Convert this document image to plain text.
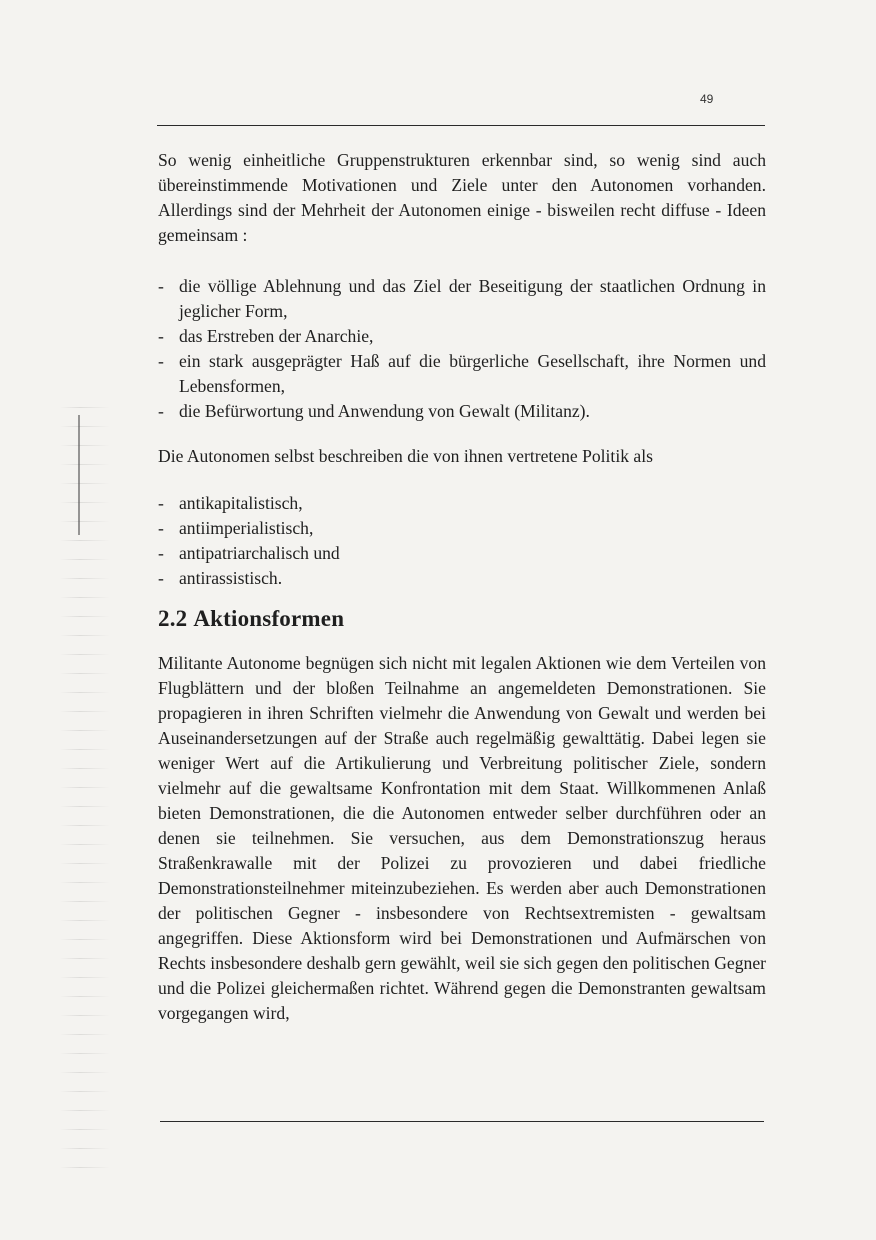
49

So wenig einheitliche Gruppenstrukturen erkennbar sind, so wenig sind auch übereinstimmende Motivationen und Ziele unter den Autonomen vorhanden. Allerdings sind der Mehrheit der Autonomen einige - bisweilen recht diffuse - Ideen gemeinsam :

- die völlige Ablehnung und das Ziel der Beseitigung der staatlichen Ordnung in jeglicher Form,
- das Erstreben der Anarchie,
- ein stark ausgeprägter Haß auf die bürgerliche Gesellschaft, ihre Normen und Lebensformen,
- die Befürwortung und Anwendung von Gewalt (Militanz).

Die Autonomen selbst beschreiben die von ihnen vertretene Politik als

- antikapitalistisch,
- antiimperialistisch,
- antipatriarchalisch und
- antirassistisch.
2.2 Aktionsformen

Militante Autonome begnügen sich nicht mit legalen Aktionen wie dem Verteilen von Flugblättern und der bloßen Teilnahme an angemeldeten Demonstrationen. Sie propagieren in ihren Schriften vielmehr die Anwendung von Gewalt und werden bei Auseinandersetzungen auf der Straße auch regelmäßig gewalttätig. Dabei legen sie weniger Wert auf die Artikulierung und Verbreitung politischer Ziele, sondern vielmehr auf die gewaltsame Konfrontation mit dem Staat. Willkommenen Anlaß bieten Demonstrationen, die die Autonomen entweder selber durchführen oder an denen sie teilnehmen. Sie versuchen, aus dem Demonstrationszug heraus Straßenkrawalle mit der Polizei zu provozieren und dabei friedliche Demonstrationsteilnehmer miteinzubeziehen. Es werden aber auch Demonstrationen der politischen Gegner - insbesondere von Rechtsextremisten - gewaltsam angegriffen. Diese Aktionsform wird bei Demonstrationen und Aufmärschen von Rechts insbesondere deshalb gern gewählt, weil sie sich gegen den politischen Gegner und die Polizei gleichermaßen richtet. Während gegen die Demonstranten gewaltsam vorgegangen wird,
